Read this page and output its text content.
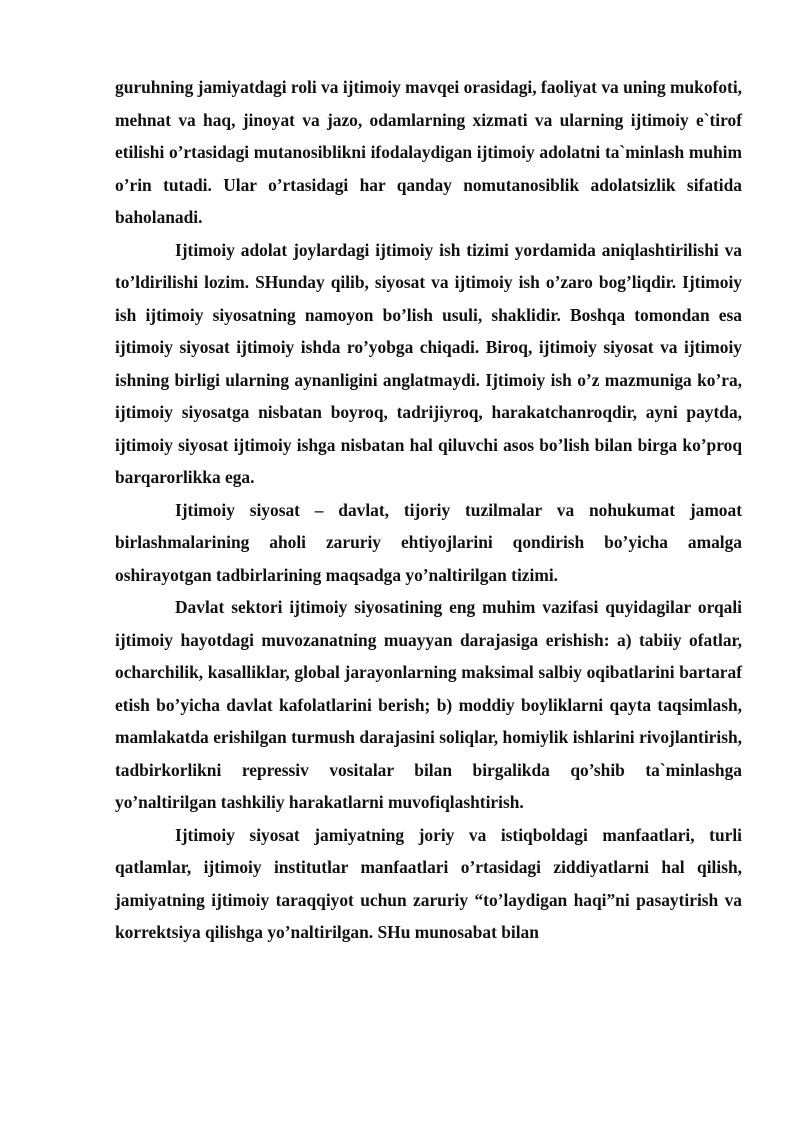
guruhning jamiyatdagi roli va ijtimoiy mavqei orasidagi, faoliyat va uning mukofoti, mehnat va haq, jinoyat va jazo, odamlarning xizmati va ularning ijtimoiy e`tirof etilishi o’rtasidagi mutanosiblikni ifodalaydigan ijtimoiy adolatni ta`minlash muhim o’rin tutadi. Ular o’rtasidagi har qanday nomutanosiblik adolatsizlik sifatida baholanadi.

Ijtimoiy adolat joylardagi ijtimoiy ish tizimi yordamida aniqlashtirilishi va to’ldirilishi lozim. SHunday qilib, siyosat va ijtimoiy ish o’zaro bog’liqdir. Ijtimoiy ish ijtimoiy siyosatning namoyon bo’lish usuli, shaklidir. Boshqa tomondan esa ijtimoiy siyosat ijtimoiy ishda ro’yobga chiqadi. Biroq, ijtimoiy siyosat va ijtimoiy ishning birligi ularning aynanligini anglatmaydi. Ijtimoiy ish o’z mazmuniga ko’ra, ijtimoiy siyosatga nisbatan boyroq, tadrijiyroq, harakatchanroqdir, ayni paytda, ijtimoiy siyosat ijtimoiy ishga nisbatan hal qiluvchi asos bo’lish bilan birga ko’proq barqarorlikka ega.

Ijtimoiy siyosat – davlat, tijoriy tuzilmalar va nohukumat jamoat birlashmalarining aholi zaruriy ehtiyojlarini qondirish bo’yicha amalga oshirayotgan tadbirlarining maqsadga yo’naltirilgan tizimi.

Davlat sektori ijtimoiy siyosatining eng muhim vazifasi quyidagilar orqali ijtimoiy hayotdagi muvozanatning muayyan darajasiga erishish: a) tabiiy ofatlar, ocharchilik, kasalliklar, global jarayonlarning maksimal salbiy oqibatlarini bartaraf etish bo’yicha davlat kafolatlarini berish; b) moddiy boyliklarni qayta taqsimlash, mamlakatda erishilgan turmush darajasini soliqlar, homiylik ishlarini rivojlantirish, tadbirkorlikni repressiv vositalar bilan birgalikda qo’shib ta`minlashga yo’naltirilgan tashkiliy harakatlarni muvofiqlashtirish.

Ijtimoiy siyosat jamiyatning joriy va istiqboldagi manfaatlari, turli qatlamlar, ijtimoiy institutlar manfaatlari o’rtasidagi ziddiyatlarni hal qilish, jamiyatning ijtimoiy taraqqiyot uchun zaruriy “to’laydigan haqi”ni pasaytirish va korrektsiya qilishga yo’naltirilgan. SHu munosabat bilan
